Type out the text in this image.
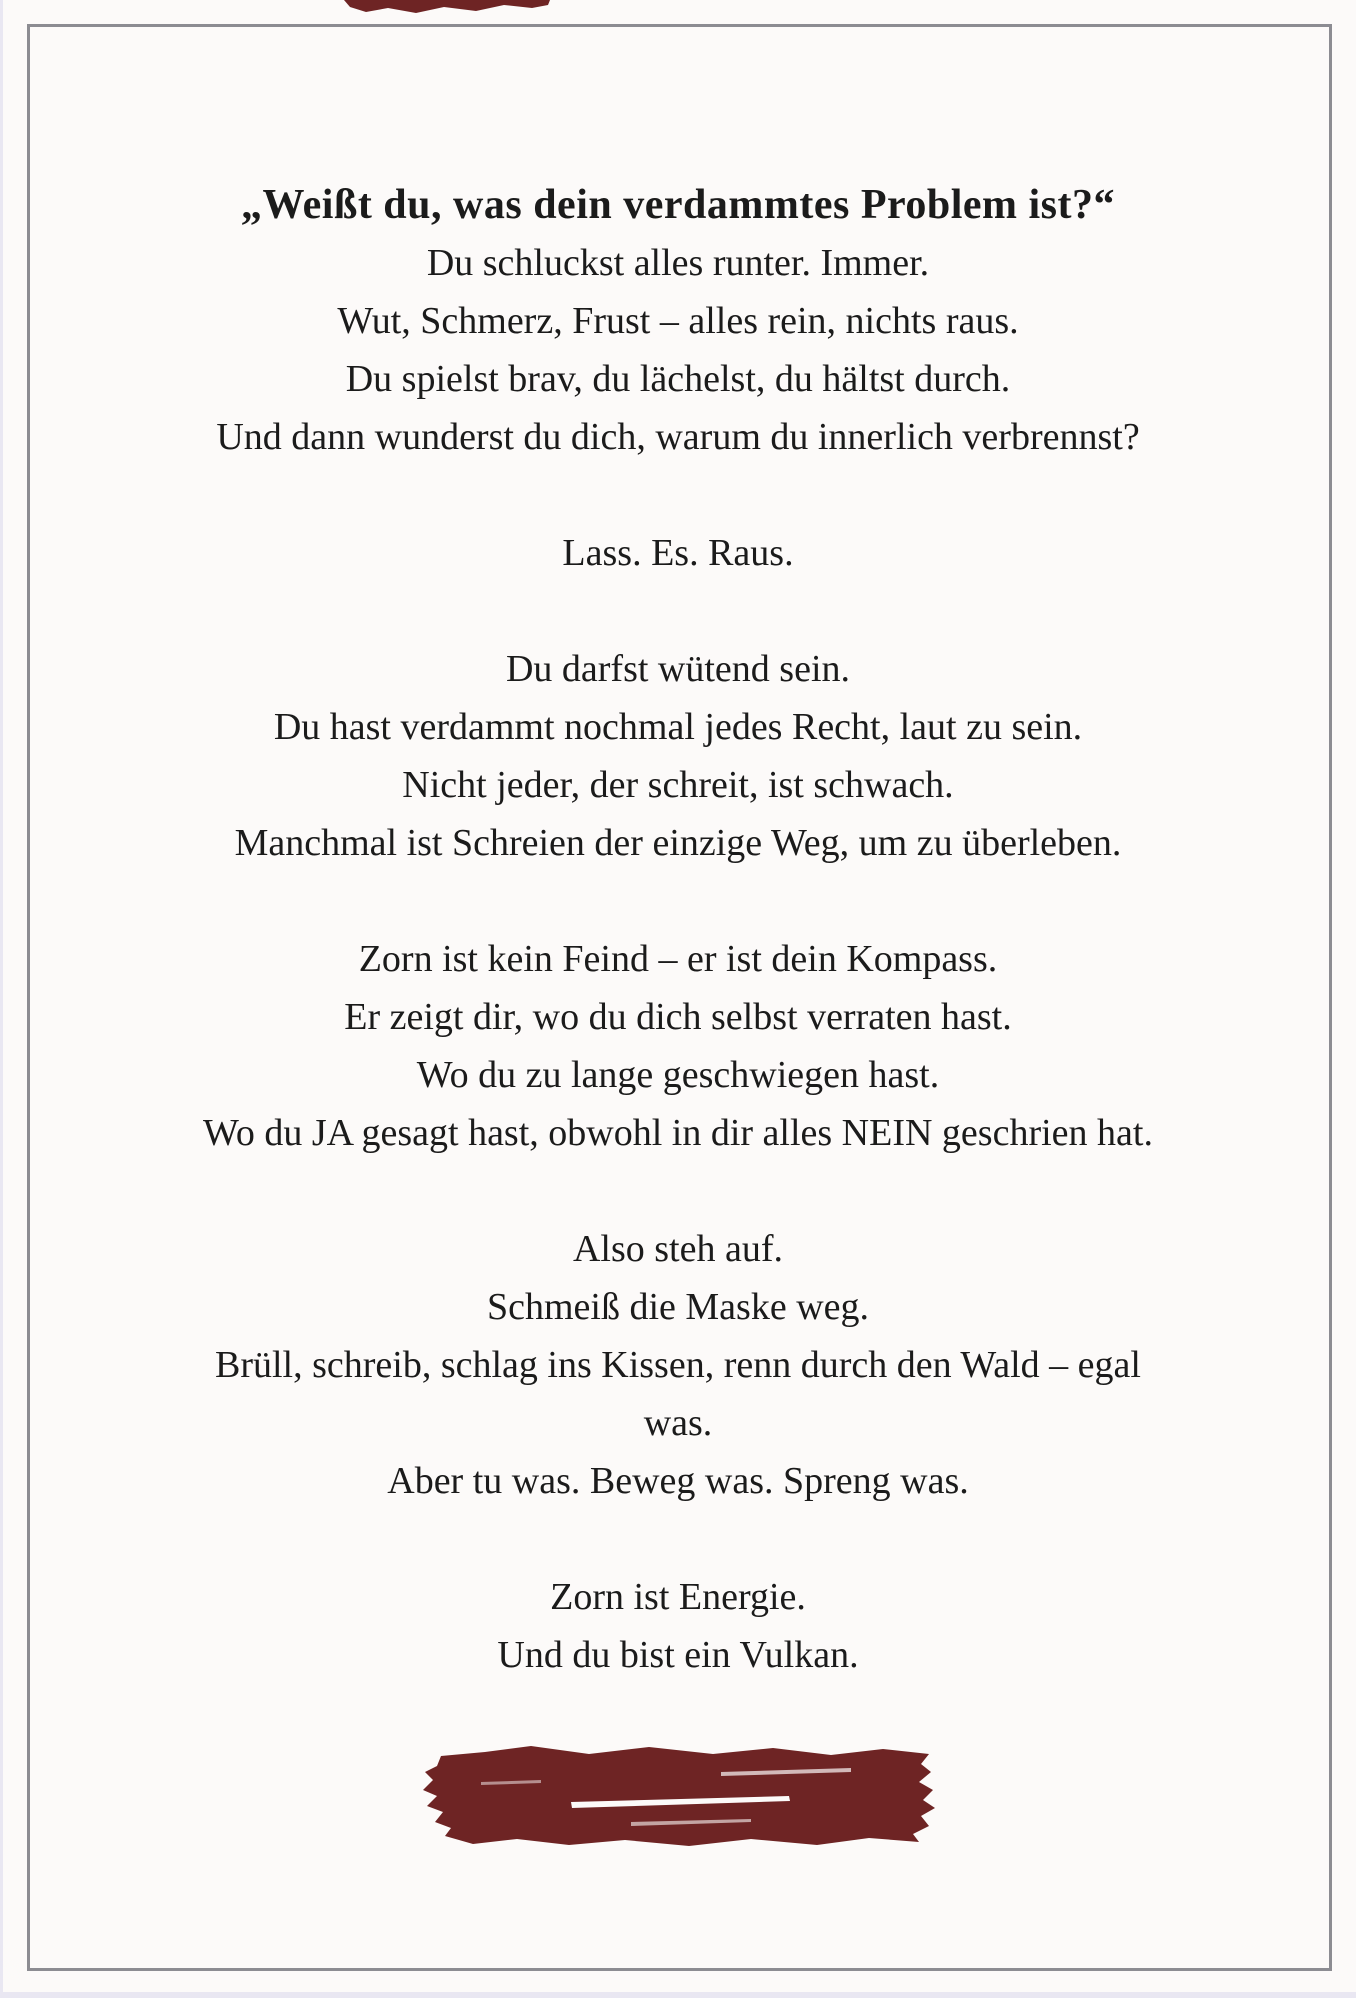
„Weißt du, was dein verdammtes Problem ist?“
Du schluckst alles runter. Immer.
Wut, Schmerz, Frust – alles rein, nichts raus.
Du spielst brav, du lächelst, du hältst durch.
Und dann wunderst du dich, warum du innerlich verbrennst?
Lass. Es. Raus.
Du darfst wütend sein.
Du hast verdammt nochmal jedes Recht, laut zu sein.
Nicht jeder, der schreit, ist schwach.
Manchmal ist Schreien der einzige Weg, um zu überleben.
Zorn ist kein Feind – er ist dein Kompass.
Er zeigt dir, wo du dich selbst verraten hast.
Wo du zu lange geschwiegen hast.
Wo du JA gesagt hast, obwohl in dir alles NEIN geschrien hat.
Also steh auf.
Schmeiß die Maske weg.
Brüll, schreib, schlag ins Kissen, renn durch den Wald – egal
was.
Aber tu was. Beweg was. Spreng was.
Zorn ist Energie.
Und du bist ein Vulkan.
